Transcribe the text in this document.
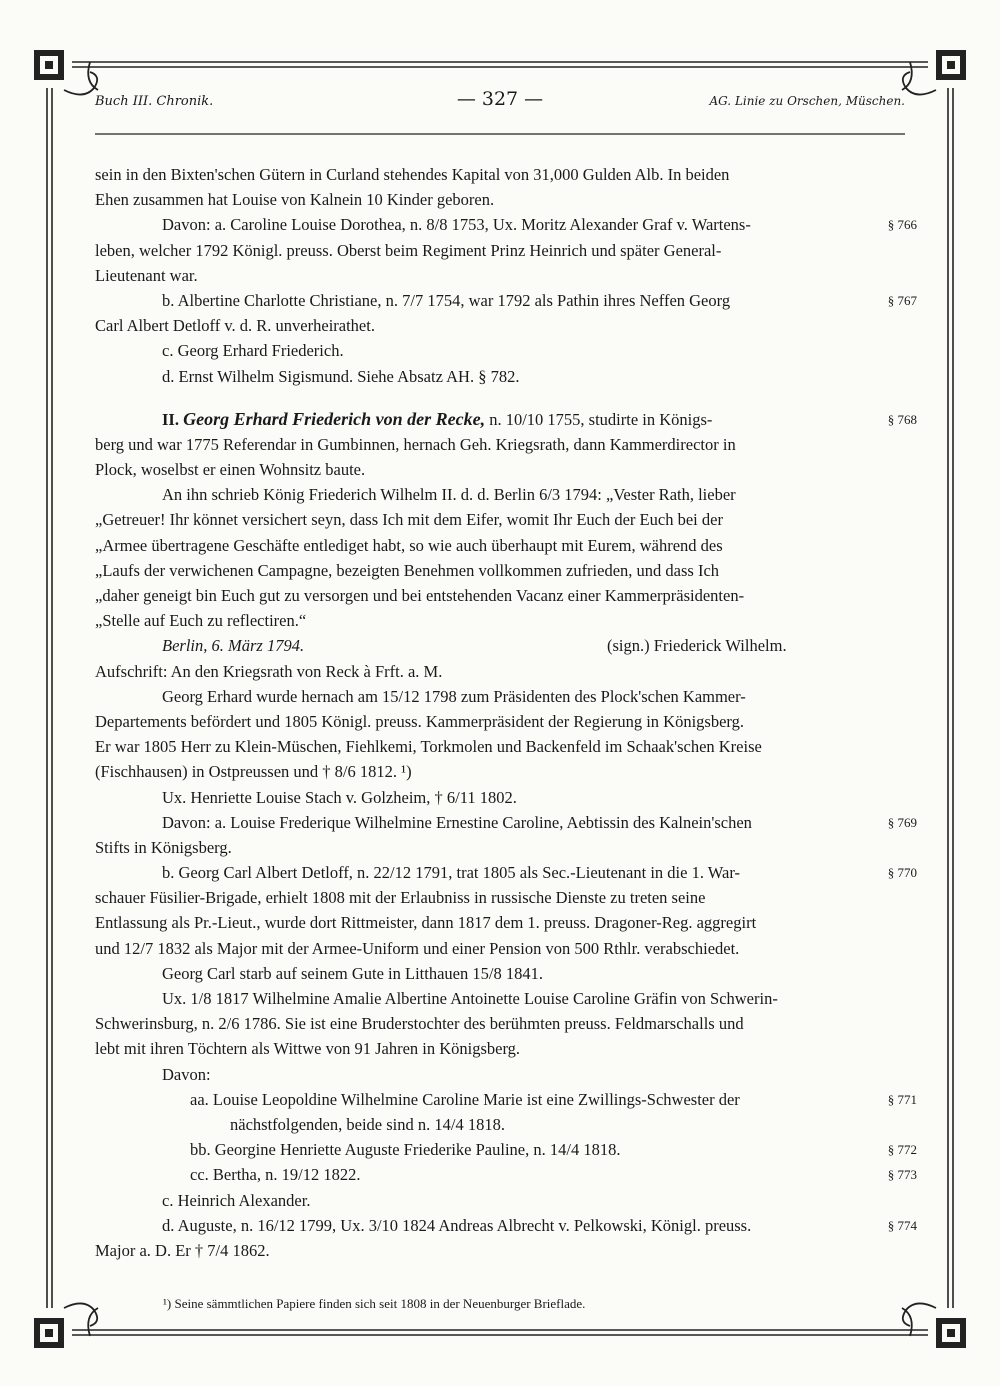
Buch III. Chronik.	— 327 —	AG. Linie zu Orschen, Müschen.
sein in den Bixten'schen Gütern in Curland stehendes Kapital von 31,000 Gulden Alb. In beiden
Ehen zusammen hat Louise von Kalnein 10 Kinder geboren.
Davon: a. Caroline Louise Dorothea, n. 8/8 1753, Ux. Moritz Alexander Graf v. Wartens-	§ 766
leben, welcher 1792 Königl. preuss. Oberst beim Regiment Prinz Heinrich und später General-
Lieutenant war.
b. Albertine Charlotte Christiane, n. 7/7 1754, war 1792 als Pathin ihres Neffen Georg	§ 767
Carl Albert Detloff v. d. R. unverheirathet.
c. Georg Erhard Friederich.
d. Ernst Wilhelm Sigismund. Siehe Absatz AH. § 782.
II. Georg Erhard Friederich von der Recke, n. 10/10 1755, studirte in Königs-	§ 768
berg und war 1775 Referendar in Gumbinnen, hernach Geh. Kriegsrath, dann Kammerdirector in
Plock, woselbst er einen Wohnsitz baute.
An ihn schrieb König Friederich Wilhelm II. d. d. Berlin 6/3 1794: „Vester Rath, lieber
„Getreuer! Ihr könnet versichert seyn, dass Ich mit dem Eifer, womit Ihr Euch der Euch bei der
„Armee übertragene Geschäfte entlediget habt, so wie auch überhaupt mit Eurem, während des
„Laufs der verwichenen Campagne, bezeigten Benehmen vollkommen zufrieden, und dass Ich
„daher geneigt bin Euch gut zu versorgen und bei entstehenden Vacanz einer Kammerpräsidenten-
„Stelle auf Euch zu reflectiren.“
Berlin, 6. März 1794.	(sign.) Friederick Wilhelm.
Aufschrift: An den Kriegsrath von Reck à Frft. a. M.
Georg Erhard wurde hernach am 15/12 1798 zum Präsidenten des Plock'schen Kammer-
Departements befördert und 1805 Königl. preuss. Kammerpräsident der Regierung in Königsberg.
Er war 1805 Herr zu Klein-Müschen, Fiehlkemi, Torkmolen und Backenfeld im Schaak'schen Kreise
(Fischhausen) in Ostpreussen und † 8/6 1812. ¹)
Ux. Henriette Louise Stach v. Golzheim, † 6/11 1802.
Davon: a. Louise Frederique Wilhelmine Ernestine Caroline, Aebtissin des Kalnein'schen	§ 769
Stifts in Königsberg.
b. Georg Carl Albert Detloff, n. 22/12 1791, trat 1805 als Sec.-Lieutenant in die 1. War-	§ 770
schauer Füsilier-Brigade, erhielt 1808 mit der Erlaubniss in russische Dienste zu treten seine
Entlassung als Pr.-Lieut., wurde dort Rittmeister, dann 1817 dem 1. preuss. Dragoner-Reg. aggregirt
und 12/7 1832 als Major mit der Armee-Uniform und einer Pension von 500 Rthlr. verabschiedet.
Georg Carl starb auf seinem Gute in Litthauen 15/8 1841.
Ux. 1/8 1817 Wilhelmine Amalie Albertine Antoinette Louise Caroline Gräfin von Schwerin-
Schwerinsburg, n. 2/6 1786. Sie ist eine Bruderstochter des berühmten preuss. Feldmarschalls und
lebt mit ihren Töchtern als Wittwe von 91 Jahren in Königsberg.
Davon:
aa. Louise Leopoldine Wilhelmine Caroline Marie ist eine Zwillings-Schwester der	§ 771
nächstfolgenden, beide sind n. 14/4 1818.
bb. Georgine Henriette Auguste Friederike Pauline, n. 14/4 1818.	§ 772
cc. Bertha, n. 19/12 1822.	§ 773
c. Heinrich Alexander.
d. Auguste, n. 16/12 1799, Ux. 3/10 1824 Andreas Albrecht v. Pelkowski, Königl. preuss.	§ 774
Major a. D. Er † 7/4 1862.
¹) Seine sämmtlichen Papiere finden sich seit 1808 in der Neuenburger Brieflade.
